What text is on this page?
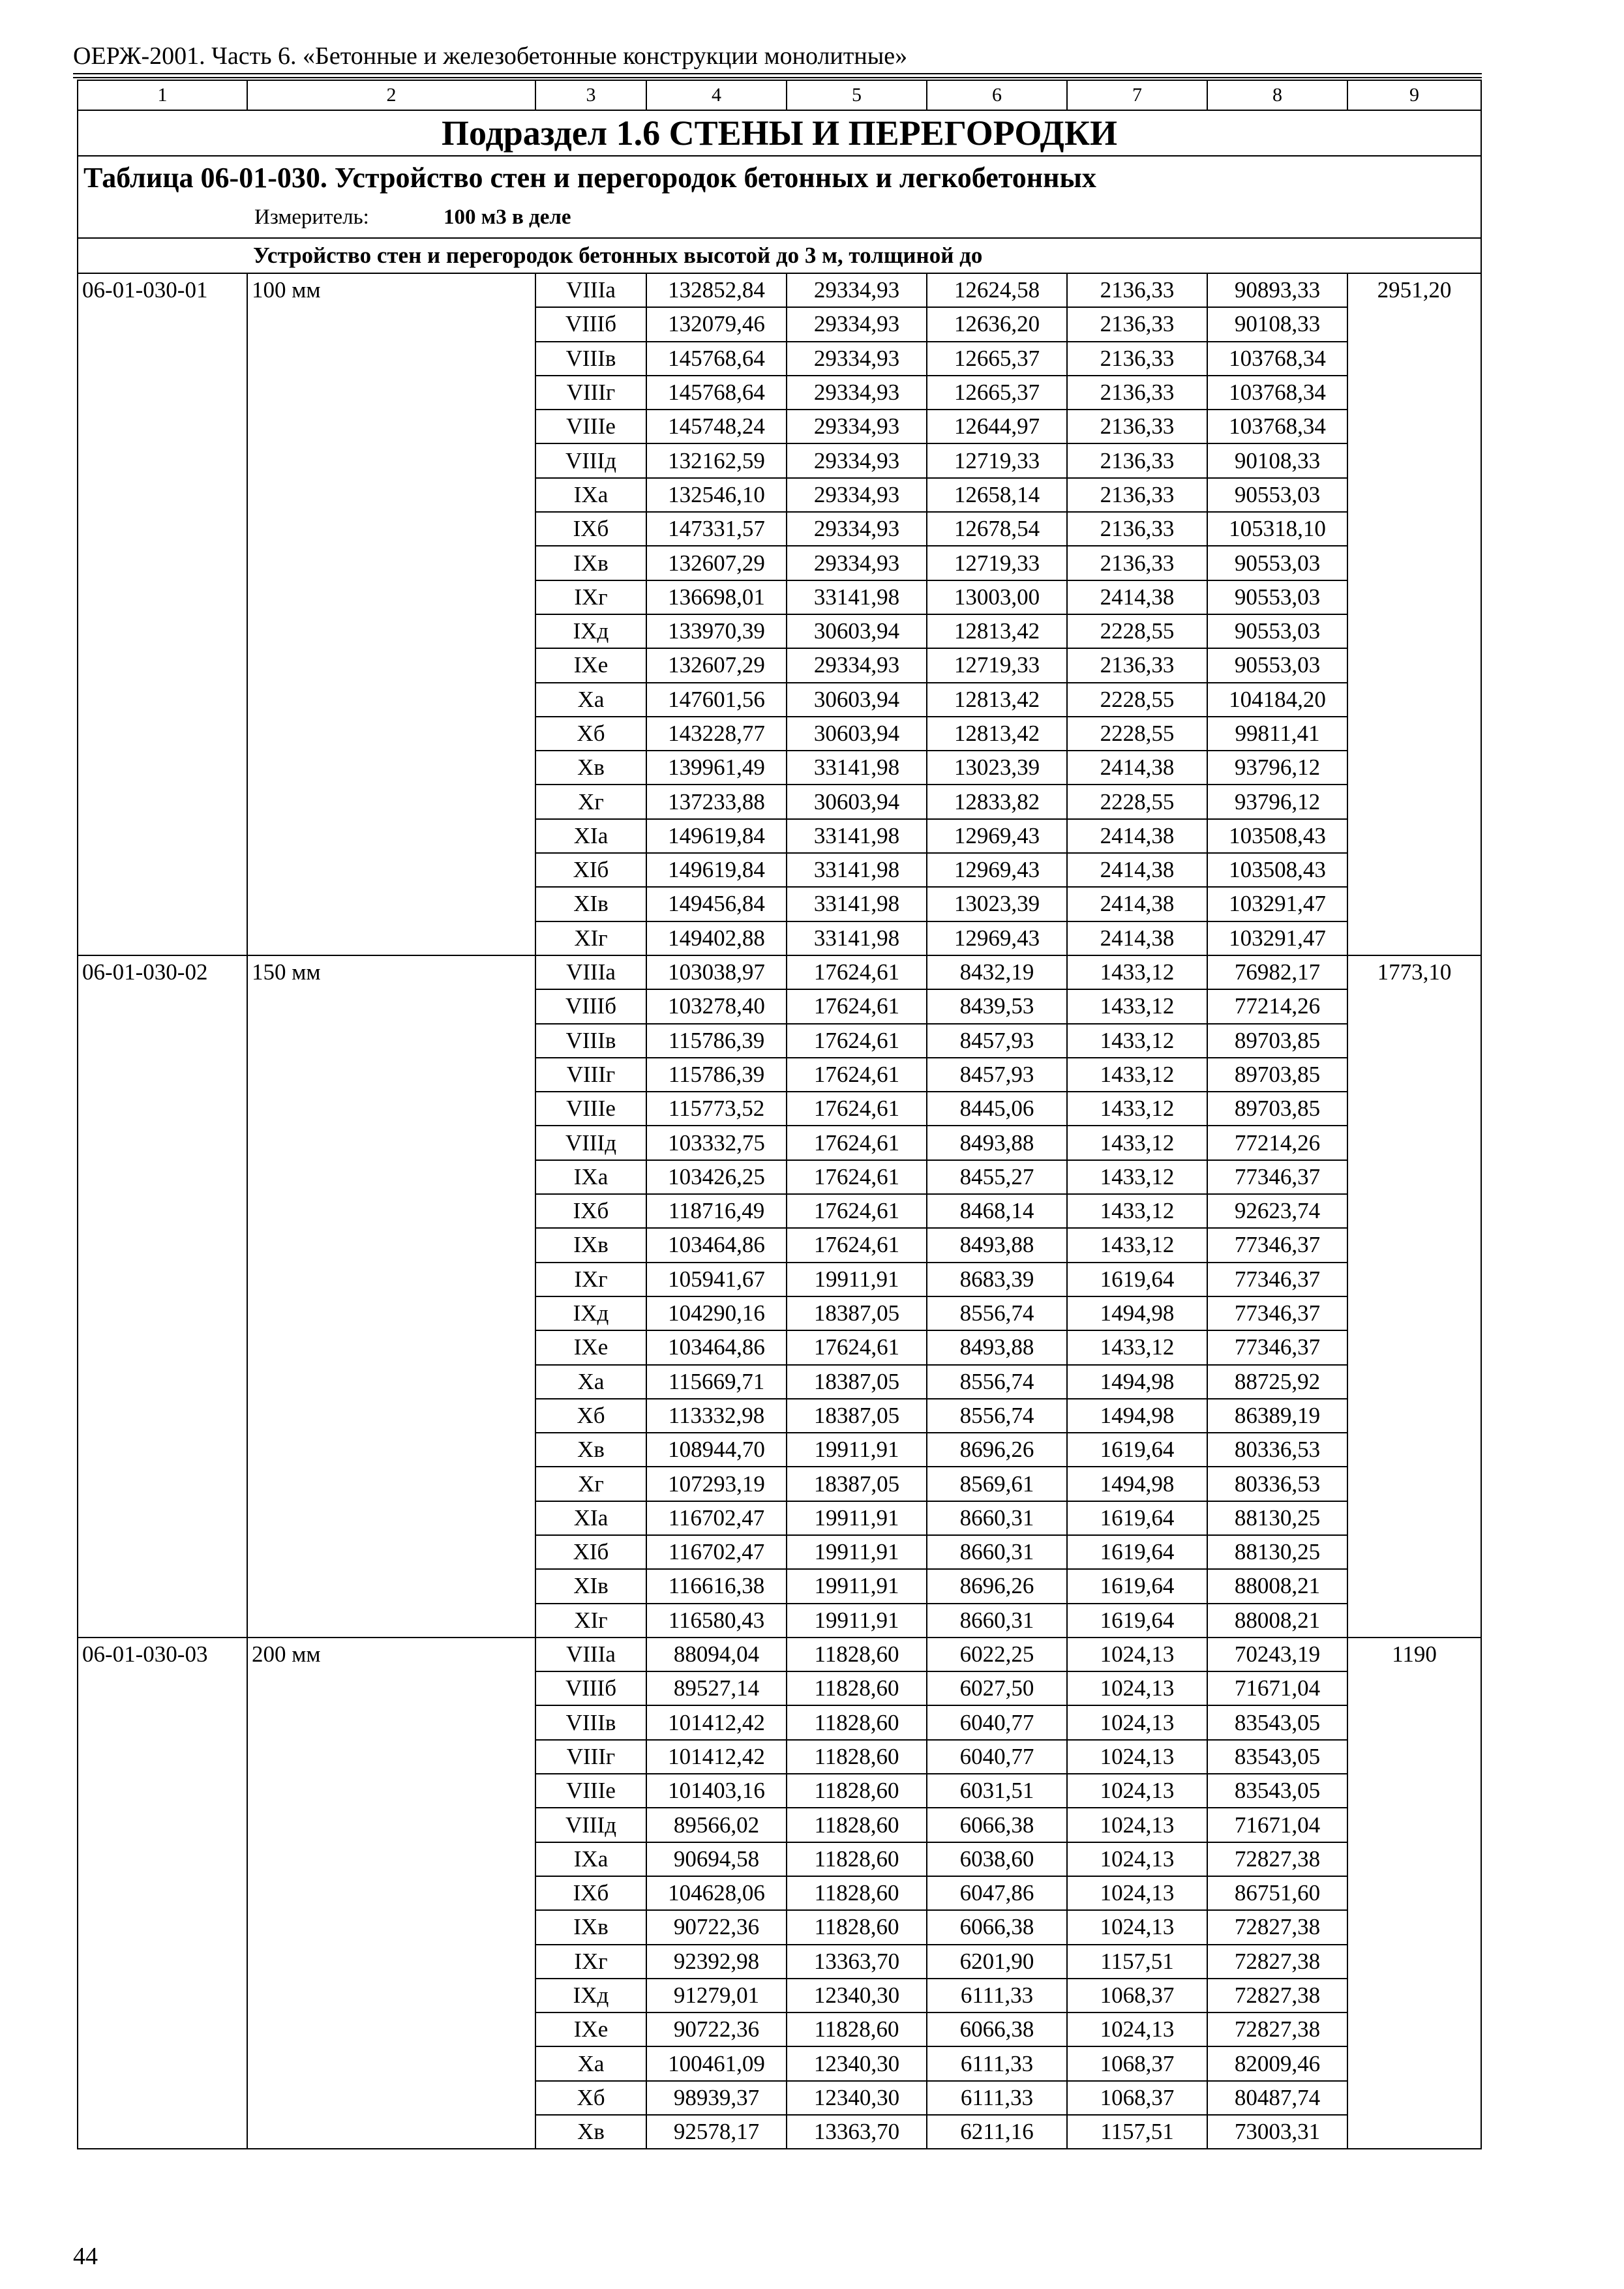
ОЕРЖ-2001. Часть 6. «Бетонные и железобетонные конструкции монолитные»
1	2	3	4	5	6	7	8	9
Подраздел 1.6 СТЕНЫ И ПЕРЕГОРОДКИ								

Таблица 06-01-030. Устройство стен и перегородок бетонных и легкобетонных
Измеритель: 100 м3 в деле								

Устройство стен и перегородок бетонных высотой до 3 м, толщиной до								
06-01-030-01	100 мм	VIIIа	132852,84	29334,93	12624,58	2136,33	90893,33	2951,20
		VIIIб	132079,46	29334,93	12636,20	2136,33	90108,33	
		VIIIв	145768,64	29334,93	12665,37	2136,33	103768,34	
		VIIIг	145768,64	29334,93	12665,37	2136,33	103768,34	
		VIIIе	145748,24	29334,93	12644,97	2136,33	103768,34	
		VIIIд	132162,59	29334,93	12719,33	2136,33	90108,33	
		IXа	132546,10	29334,93	12658,14	2136,33	90553,03	
		IXб	147331,57	29334,93	12678,54	2136,33	105318,10	
		IXв	132607,29	29334,93	12719,33	2136,33	90553,03	
		IXг	136698,01	33141,98	13003,00	2414,38	90553,03	
		IXд	133970,39	30603,94	12813,42	2228,55	90553,03	
		IXе	132607,29	29334,93	12719,33	2136,33	90553,03	
		Xа	147601,56	30603,94	12813,42	2228,55	104184,20	
		Xб	143228,77	30603,94	12813,42	2228,55	99811,41	
		Xв	139961,49	33141,98	13023,39	2414,38	93796,12	
		Xг	137233,88	30603,94	12833,82	2228,55	93796,12	
		XIа	149619,84	33141,98	12969,43	2414,38	103508,43	
		XIб	149619,84	33141,98	12969,43	2414,38	103508,43	
		XIв	149456,84	33141,98	13023,39	2414,38	103291,47	
		XIг	149402,88	33141,98	12969,43	2414,38	103291,47	
06-01-030-02	150 мм	VIIIа	103038,97	17624,61	8432,19	1433,12	76982,17	1773,10
		VIIIб	103278,40	17624,61	8439,53	1433,12	77214,26	
		VIIIв	115786,39	17624,61	8457,93	1433,12	89703,85	
		VIIIг	115786,39	17624,61	8457,93	1433,12	89703,85	
		VIIIе	115773,52	17624,61	8445,06	1433,12	89703,85	
		VIIIд	103332,75	17624,61	8493,88	1433,12	77214,26	
		IXа	103426,25	17624,61	8455,27	1433,12	77346,37	
		IXб	118716,49	17624,61	8468,14	1433,12	92623,74	
		IXв	103464,86	17624,61	8493,88	1433,12	77346,37	
		IXг	105941,67	19911,91	8683,39	1619,64	77346,37	
		IXд	104290,16	18387,05	8556,74	1494,98	77346,37	
		IXе	103464,86	17624,61	8493,88	1433,12	77346,37	
		Xа	115669,71	18387,05	8556,74	1494,98	88725,92	
		Xб	113332,98	18387,05	8556,74	1494,98	86389,19	
		Xв	108944,70	19911,91	8696,26	1619,64	80336,53	
		Xг	107293,19	18387,05	8569,61	1494,98	80336,53	
		XIа	116702,47	19911,91	8660,31	1619,64	88130,25	
		XIб	116702,47	19911,91	8660,31	1619,64	88130,25	
		XIв	116616,38	19911,91	8696,26	1619,64	88008,21	
		XIг	116580,43	19911,91	8660,31	1619,64	88008,21	
06-01-030-03	200 мм	VIIIа	88094,04	11828,60	6022,25	1024,13	70243,19	1190
		VIIIб	89527,14	11828,60	6027,50	1024,13	71671,04	
		VIIIв	101412,42	11828,60	6040,77	1024,13	83543,05	
		VIIIг	101412,42	11828,60	6040,77	1024,13	83543,05	
		VIIIе	101403,16	11828,60	6031,51	1024,13	83543,05	
		VIIIд	89566,02	11828,60	6066,38	1024,13	71671,04	
		IXа	90694,58	11828,60	6038,60	1024,13	72827,38	
		IXб	104628,06	11828,60	6047,86	1024,13	86751,60	
		IXв	90722,36	11828,60	6066,38	1024,13	72827,38	
		IXг	92392,98	13363,70	6201,90	1157,51	72827,38	
		IXд	91279,01	12340,30	6111,33	1068,37	72827,38	
		IXе	90722,36	11828,60	6066,38	1024,13	72827,38	
		Xа	100461,09	12340,30	6111,33	1068,37	82009,46	
		Xб	98939,37	12340,30	6111,33	1068,37	80487,74	
		Xв	92578,17	13363,70	6211,16	1157,51	73003,31	
44
